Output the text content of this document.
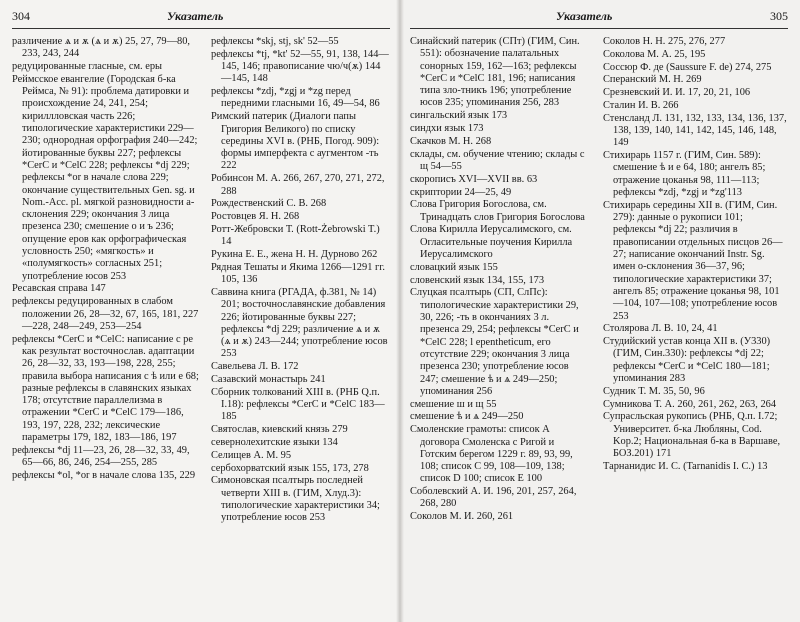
304	Указатель
различение ѧ и ѫ (ѧ и ѫ) 25, 27, 79—80, 233, 243, 244
редуцированные гласные, см. еры
Реймсское евангелие (Городская б-ка Реймса, № 91): проблема датировки и происхождение 24, 241, 254; кириллловская часть 226; типологические характеристики 229—230; однородная орфография 240—242; йотированные буквы 227; рефлексы *CerC и *CelC 228; рефлексы *dj 229; рефлексы *or в начале слова 229; окончание существительных Gen. sg. и Nom.-Acc. pl. мягкой разновидности a-склонения 229; окончания 3 лица презенса 230; смешение о и ъ 236; опущение еров как орфографическая условность 250; «мягкость» и «полумягкость» согласных 251; употребление юсов 253
Ресавская справа 147
рефлексы редуцированных в слабом положении 26, 28—32, 67, 165, 181, 227—228, 248—249, 253—254
рефлексы *CerC и *CelC: написание с ре как результат восточнослав. адаптации 26, 28—32, 33, 193—198, 228, 255; правила выбора написания с ѣ или е 68; разные рефлексы в славянских языках 178; отсутствие параллелизма в отражении *CerC и *CelC 179—186, 193, 197, 228, 232; лексические параметры 179, 182, 183—186, 197
рефлексы *dj 11—23, 26, 28—32, 33, 49, 65—66, 86, 246, 254—255, 285
рефлексы *ol, *or в начале слова 135, 229
рефлексы *skj, stj, sk' 52—55
рефлексы *tj, *kt' 52—55, 91, 138, 144—145, 146; правописание чю/ч(ѫ) 144—145, 148
рефлексы *zdj, *zgj и *zg перед передними гласными 16, 49—54, 86
Римский патерик (Диалоги папы Григория Великого) по списку середины XVI в. (РНБ, Погод. 909): формы имперфекта с аугментом -ть 222
Робинсон М. А. 266, 267, 270, 271, 272, 288
Рождественский С. В. 268
Ростовцев Я. Н. 268
Ротт-Жебровски Т. (Rott-Żebrowski T.) 14
Рукина Е. Е., жена Н. Н. Дурново 262
Рядная Тешаты и Якима 1266—1291 гг. 105, 136
Саввина книга (РГАДА, ф.381, № 14) 201; восточнославянские добавления 226; йотированные буквы 227; рефлексы *dj 229; различение ѧ и ѫ (ѧ и ѫ) 243—244; употребление юсов 253
Савельева Л. В. 172
Сазавский монастырь 241
Сборник толкований XIII в. (РНБ Q.п. I.18): рефлексы *CerC и *CelC 183—185
Святослав, киевский князь 279
севернолехитские языки 134
Селищев А. М. 95
сербохорватский язык 155, 173, 278
Симоновская псалтырь последней четверти XIII в. (ГИМ, Хлуд.3): типологические характеристики 34; употребление юсов 253
Указатель	305
Синайский патерик (СПт) (ГИМ, Син. 551): обозначение палатальных сонорных 159, 162—163; рефлексы *CerC и *CelC 181, 196; написания типа зло-тникъ 196; употребление юсов 235; упоминания 256, 283
сингальский язык 173
синдхи язык 173
Скачков М. Н. 268
склады, см. обучение чтению; склады с щ 54—55
скорописъ XVI—XVII вв. 63
скриптории 24—25, 49
Слова Григория Богослова, см. Тринадцать слов Григория Богослова
Слова Кирилла Иерусалимского, см. Оглаcительные поучения Кирилла Иерусалимского
словацкий язык 155
словенский язык 134, 155, 173
Слуцкая псалтырь (СП, СлПс): типологические характеристики 29, 30, 226; -ть в окончаниях 3 л. презенса 29, 254; рефлексы *CerC и *CelC 228; l epentheticum, его отсутствие 229; окончания 3 лица презенса 230; употребление юсов 247; смешение ѣ и ѧ 249—250; упоминания 256
смешение ш и щ 55
смешение ѣ и ѧ 249—250
Смоленские грамоты: список А договора Смоленска с Ригой и Готским берегом 1229 г. 89, 93, 99, 108; список С 99, 108—109, 138; список D 100; список Е 100
Соболевский А. И. 196, 201, 257, 264, 268, 280
Соколов М. И. 260, 261
Соколов Н. Н. 275, 276, 277
Соколова М. А. 25, 195
Соссюр Ф. де (Saussure F. de) 274, 275
Сперанский М. Н. 269
Срезневский И. И. 17, 20, 21, 106
Сталин И. В. 266
Стенсланд Л. 131, 132, 133, 134, 136, 137, 138, 139, 140, 141, 142, 145, 146, 148, 149
Стихирарь 1157 г. (ГИМ, Син. 589): смешение ѣ и е 64, 180; ангелъ 85; отражение цоканья 98, 111—113; рефлексы *zdj, *zgj и *zg'113
Стихирарь середины XII в. (ГИМ, Син. 279): данные о рукописи 101; рефлексы *dj 22; различия в правописании отдельных писцов 26—27; написание окончаний Instr. Sg. имен о-склонения 36—37, 96; типологические характеристики 37; ангелъ 85; отражение цоканья 98, 101—104, 107—108; употребление юсов 253
Столярова Л. В. 10, 24, 41
Студийский устав конца XII в. (У330) (ГИМ, Син.330): рефлексы *dj 22; рефлексы *CerC и *CelC 180—181; упоминания 283
Судник Т. М. 35, 50, 96
Сумникова Т. А. 260, 261, 262, 263, 264
Супрасльская рукопись (РНБ, Q.п. I.72; Университет. б-ка Любляны, Cod. Kop.2; Национальная б-ка в Варшаве, БОЗ.201) 171
Тарнанидис И. С. (Tarnanidis I. C.) 13
